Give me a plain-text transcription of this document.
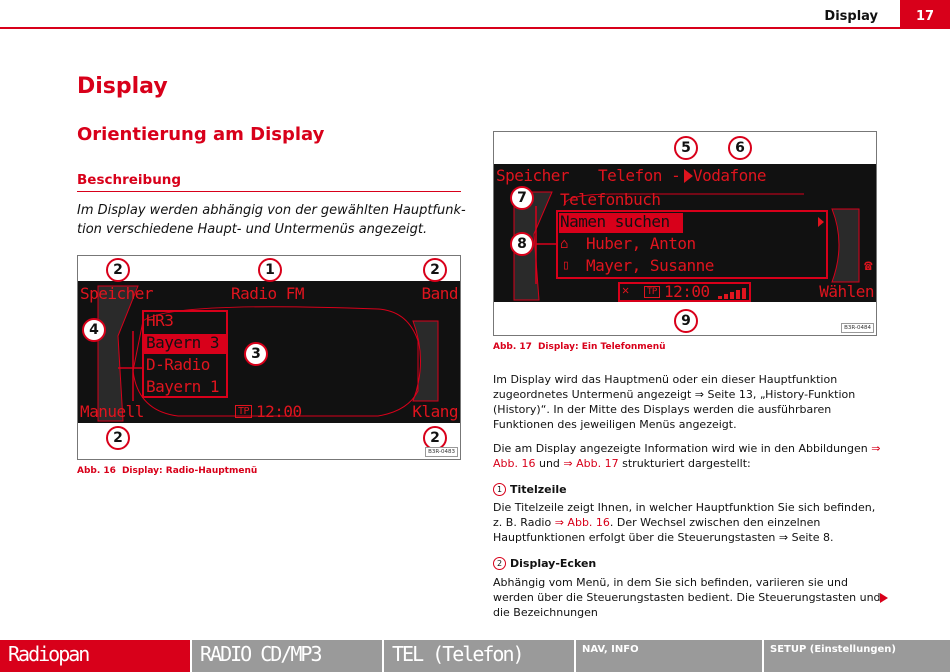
Display	17
Display
Orientierung am Display
Beschreibung
Im Display werden abhängig von der gewählten Hauptfunk-tion verschiedene Haupt- und Untermenüs angezeigt.
Speicher	Radio FM	Band
HR3
Bayern 3
D-Radio
Bayern 1
Manuell	TP 12:00	Klang
2	1	2
4
3
2	2
B3R-0483
Abb. 16 Display: Radio-Hauptmenü
Speicher Telefon - Vodafone
Telefonbuch
Namen suchen
⌂ Huber, Anton
▯ Mayer, Susanne	☎
✕	TP 12:00	Wählen
5	6
7
8
9	B3R-0484
Abb. 17 Display: Ein Telefonmenü
Im Display wird das Hauptmenü oder ein dieser Hauptfunktion zugeordnetes Untermenü angezeigt ⇒ Seite 13, „History-Funktion (History)“. In der Mitte des Displays werden die ausführbaren Funktionen des jeweiligen Menüs angezeigt.
Die am Display angezeigte Information wird wie in den Abbildungen ⇒ Abb. 16 und ⇒ Abb. 17 strukturiert dargestellt:
1 Titelzeile
Die Titelzeile zeigt Ihnen, in welcher Hauptfunktion Sie sich befinden, z. B. Radio ⇒ Abb. 16. Der Wechsel zwischen den einzelnen Hauptfunktionen erfolgt über die Steuerungstasten ⇒ Seite 8.
2 Display-Ecken
Abhängig vom Menü, in dem Sie sich befinden, variieren sie und werden über die Steuerungstasten bedient. Die Steuerungstasten und die Bezeichnungen
Radiopan	RADIO CD/MP3	TEL (Telefon)	NAV, INFO	SETUP (Einstellungen)
